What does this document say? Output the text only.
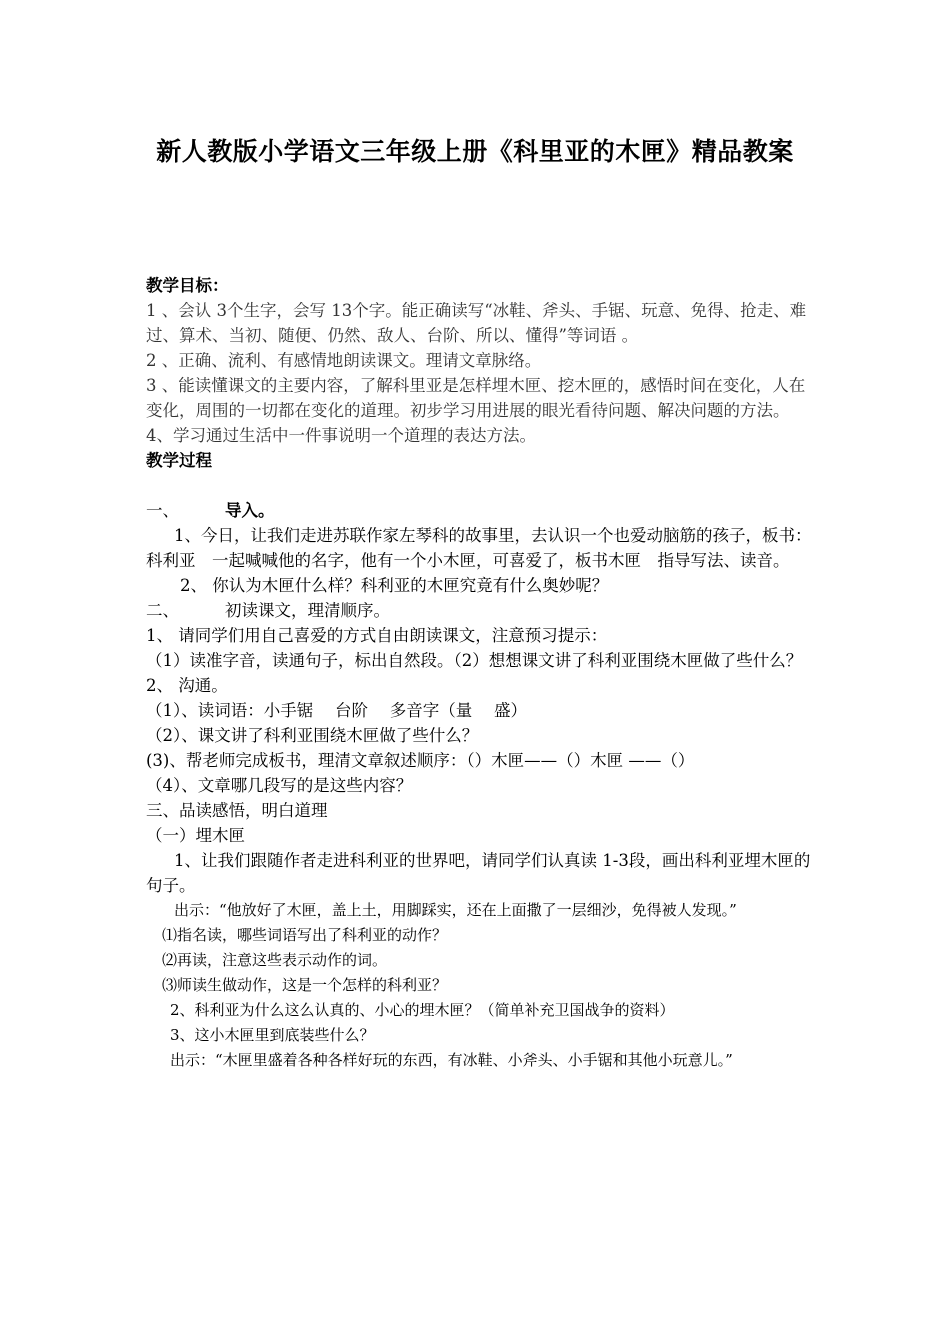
新人教版小学语文三年级上册《科里亚的木匣》精品教案

教学目标：

1 、会认 3个生字，会写 13个字。能正确读写“冰鞋、斧头、手锯、玩意、免得、抢走、难过、算术、当初、随便、仍然、敌人、台阶、所以、懂得”等词语 。

2 、正确、流利、有感情地朗读课文。理请文章脉络。

3 、能读懂课文的主要内容，了解科里亚是怎样埋木匣、挖木匣的，感悟时间在变化，人在变化，周围的一切都在变化的道理。初步学习用进展的眼光看待问题、解决问题的方法。

4、学习通过生活中一件事说明一个道理的表达方法。

教学过程

一、	导入。

1、今日，让我们走进苏联作家左琴科的故事里，去认识一个也爱动脑筋的孩子，板书：科利亚　一起喊喊他的名字，他有一个小木匣，可喜爱了，板书木匣　指导写法、读音。

2、 你认为木匣什么样？科利亚的木匣究竟有什么奥妙呢？

二、	初读课文，理清顺序。

1、 请同学们用自己喜爱的方式自由朗读课文，注意预习提示：

（1）读准字音，读通句子，标出自然段。（2）想想课文讲了科利亚围绕木匣做了些什么？

2、 沟通。

（1）、读词语：小手锯　 台阶　 多音字（量　 盛）

（2）、课文讲了科利亚围绕木匣做了些什么？

(3)、帮老师完成板书，理清文章叙述顺序：（）木匣——（）木匣 ——（）

（4）、文章哪几段写的是这些内容？

三、品读感悟，明白道理

（一）埋木匣

1、让我们跟随作者走进科利亚的世界吧，请同学们认真读 1-3段，画出科利亚埋木匣的句子。

出示：“他放好了木匣，盖上土，用脚踩实，还在上面撒了一层细沙，免得被人发现。”

⑴指名读，哪些词语写出了科利亚的动作？

⑵再读，注意这些表示动作的词。

⑶师读生做动作，这是一个怎样的科利亚？

2、科利亚为什么这么认真的、小心的埋木匣？（简单补充卫国战争的资料）

3、这小木匣里到底装些什么？

出示：“木匣里盛着各种各样好玩的东西，有冰鞋、小斧头、小手锯和其他小玩意儿。”
